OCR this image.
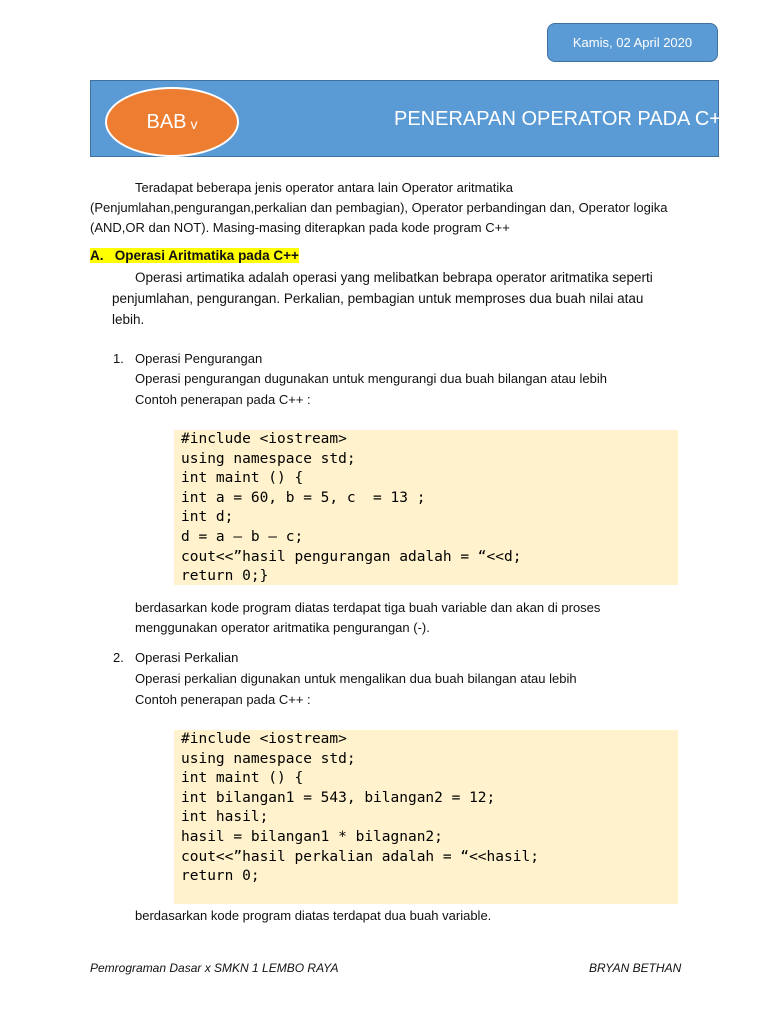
Kamis, 02 April 2020
BAB v	PENERAPAN OPERATOR PADA C++
Teradapat beberapa jenis operator antara lain Operator aritmatika
(Penjumlahan,pengurangan,perkalian dan pembagian), Operator perbandingan dan, Operator logika
(AND,OR dan NOT). Masing-masing diterapkan pada kode program C++
A. Operasi Aritmatika pada C++
Operasi artimatika adalah operasi yang melibatkan bebrapa operator aritmatika seperti
penjumlahan, pengurangan. Perkalian, pembagian untuk memproses dua buah nilai atau
lebih.
1. Operasi Pengurangan
Operasi pengurangan dugunakan untuk mengurangi dua buah bilangan atau lebih
Contoh penerapan pada C++ :
#include <iostream>
using namespace std;
int maint () {
int a = 60, b = 5, c  = 13 ;
int d;
d = a – b – c;
cout<<”hasil pengurangan adalah = “<<d;
return 0;}
berdasarkan kode program diatas terdapat tiga buah variable dan akan di proses
menggunakan operator aritmatika pengurangan (-).
2. Operasi Perkalian
Operasi perkalian digunakan untuk mengalikan dua buah bilangan atau lebih
Contoh penerapan pada C++ :
#include <iostream>
using namespace std;
int maint () {
int bilangan1 = 543, bilangan2 = 12;
int hasil;
hasil = bilangan1 * bilagnan2;
cout<<”hasil perkalian adalah = “<<hasil;
return 0;
berdasarkan kode program diatas terdapat dua buah variable.
Pemrograman Dasar x SMKN 1 LEMBO RAYA	BRYAN BETHAN
